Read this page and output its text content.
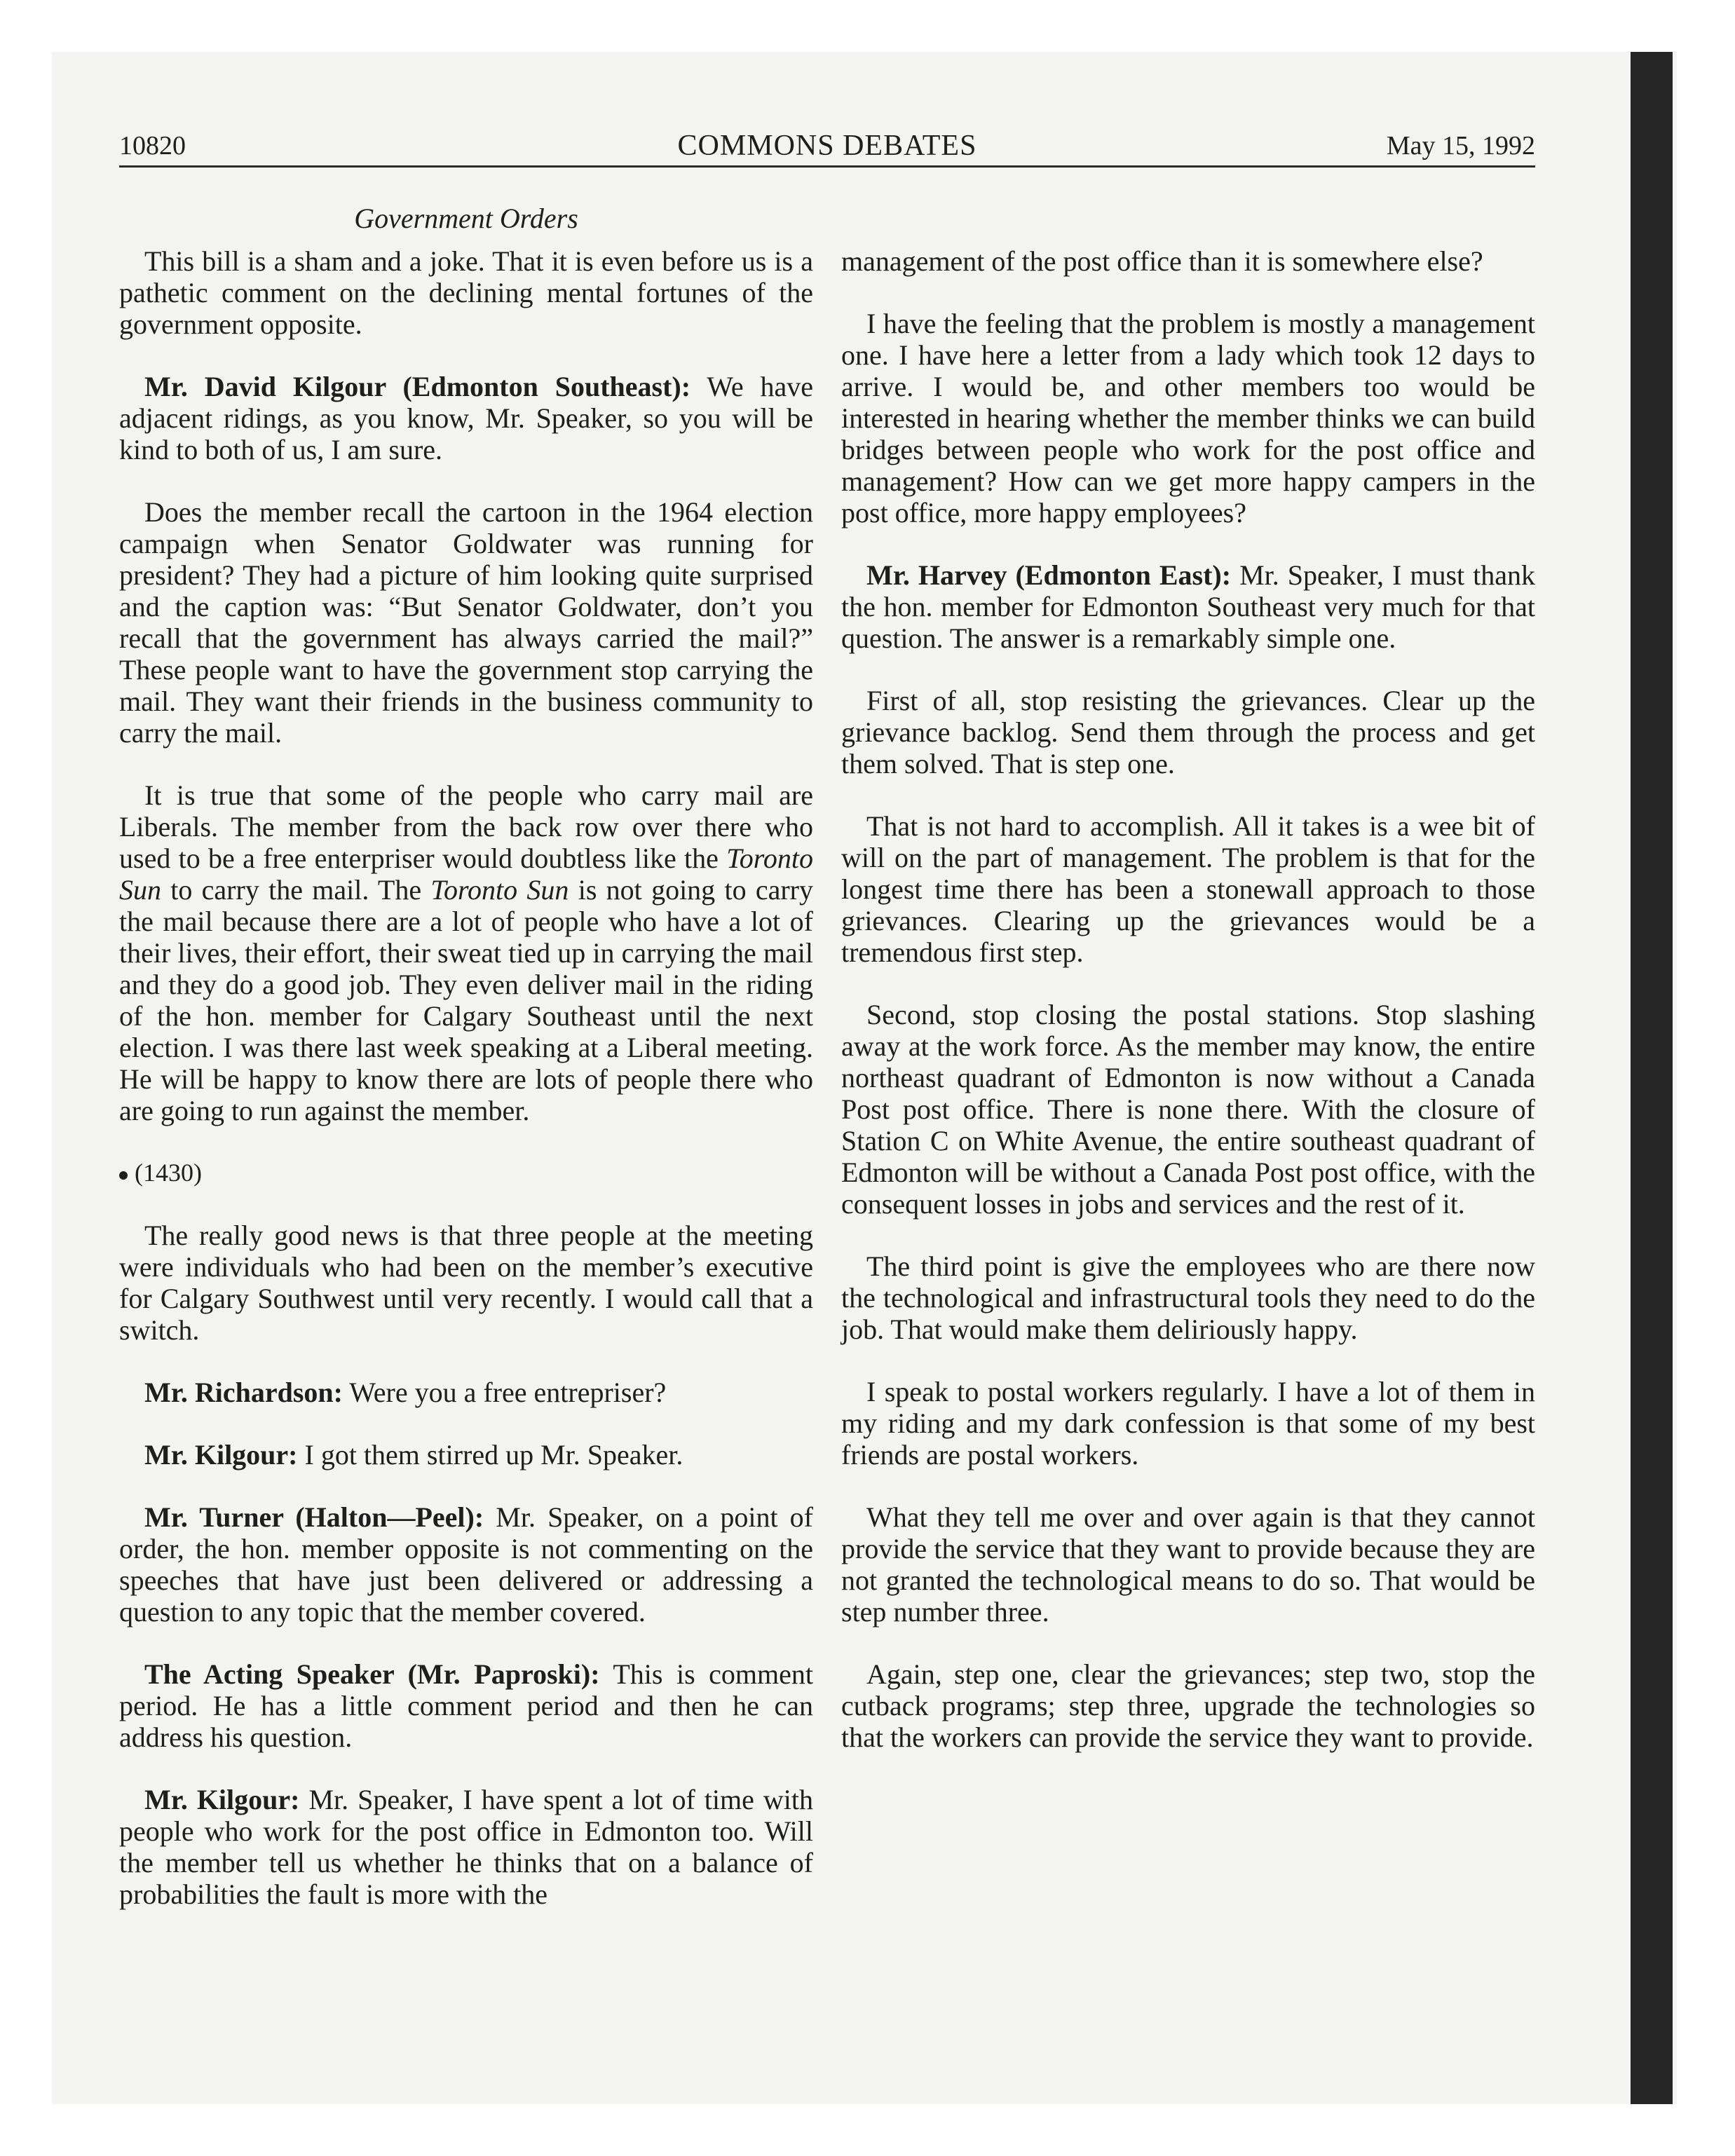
10820	COMMONS DEBATES	May 15, 1992
Government Orders

This bill is a sham and a joke. That it is even before us is a pathetic comment on the declining mental fortunes of the government opposite.

Mr. David Kilgour (Edmonton Southeast): We have adjacent ridings, as you know, Mr. Speaker, so you will be kind to both of us, I am sure.

Does the member recall the cartoon in the 1964 election campaign when Senator Goldwater was running for president? They had a picture of him looking quite surprised and the caption was: “But Senator Goldwater, don’t you recall that the government has always carried the mail?” These people want to have the government stop carrying the mail. They want their friends in the business community to carry the mail.

It is true that some of the people who carry mail are Liberals. The member from the back row over there who used to be a free enterpriser would doubtless like the Toronto Sun to carry the mail. The Toronto Sun is not going to carry the mail because there are a lot of people who have a lot of their lives, their effort, their sweat tied up in carrying the mail and they do a good job. They even deliver mail in the riding of the hon. member for Calgary Southeast until the next election. I was there last week speaking at a Liberal meeting. He will be happy to know there are lots of people there who are going to run against the member.

(1430)

The really good news is that three people at the meeting were individuals who had been on the member’s executive for Calgary Southwest until very recently. I would call that a switch.

Mr. Richardson: Were you a free entrepriser?

Mr. Kilgour: I got them stirred up Mr. Speaker.

Mr. Turner (Halton—Peel): Mr. Speaker, on a point of order, the hon. member opposite is not commenting on the speeches that have just been delivered or addressing a question to any topic that the member covered.

The Acting Speaker (Mr. Paproski): This is comment period. He has a little comment period and then he can address his question.

Mr. Kilgour: Mr. Speaker, I have spent a lot of time with people who work for the post office in Edmonton too. Will the member tell us whether he thinks that on a balance of probabilities the fault is more with the

management of the post office than it is somewhere else?

I have the feeling that the problem is mostly a management one. I have here a letter from a lady which took 12 days to arrive. I would be, and other members too would be interested in hearing whether the member thinks we can build bridges between people who work for the post office and management? How can we get more happy campers in the post office, more happy employees?

Mr. Harvey (Edmonton East): Mr. Speaker, I must thank the hon. member for Edmonton Southeast very much for that question. The answer is a remarkably simple one.

First of all, stop resisting the grievances. Clear up the grievance backlog. Send them through the process and get them solved. That is step one.

That is not hard to accomplish. All it takes is a wee bit of will on the part of management. The problem is that for the longest time there has been a stonewall approach to those grievances. Clearing up the grievances would be a tremendous first step.

Second, stop closing the postal stations. Stop slashing away at the work force. As the member may know, the entire northeast quadrant of Edmonton is now without a Canada Post post office. There is none there. With the closure of Station C on White Avenue, the entire southeast quadrant of Edmonton will be without a Canada Post post office, with the consequent losses in jobs and services and the rest of it.

The third point is give the employees who are there now the technological and infrastructural tools they need to do the job. That would make them deliriously happy.

I speak to postal workers regularly. I have a lot of them in my riding and my dark confession is that some of my best friends are postal workers.

What they tell me over and over again is that they cannot provide the service that they want to provide because they are not granted the technological means to do so. That would be step number three.

Again, step one, clear the grievances; step two, stop the cutback programs; step three, upgrade the technologies so that the workers can provide the service they want to provide.
